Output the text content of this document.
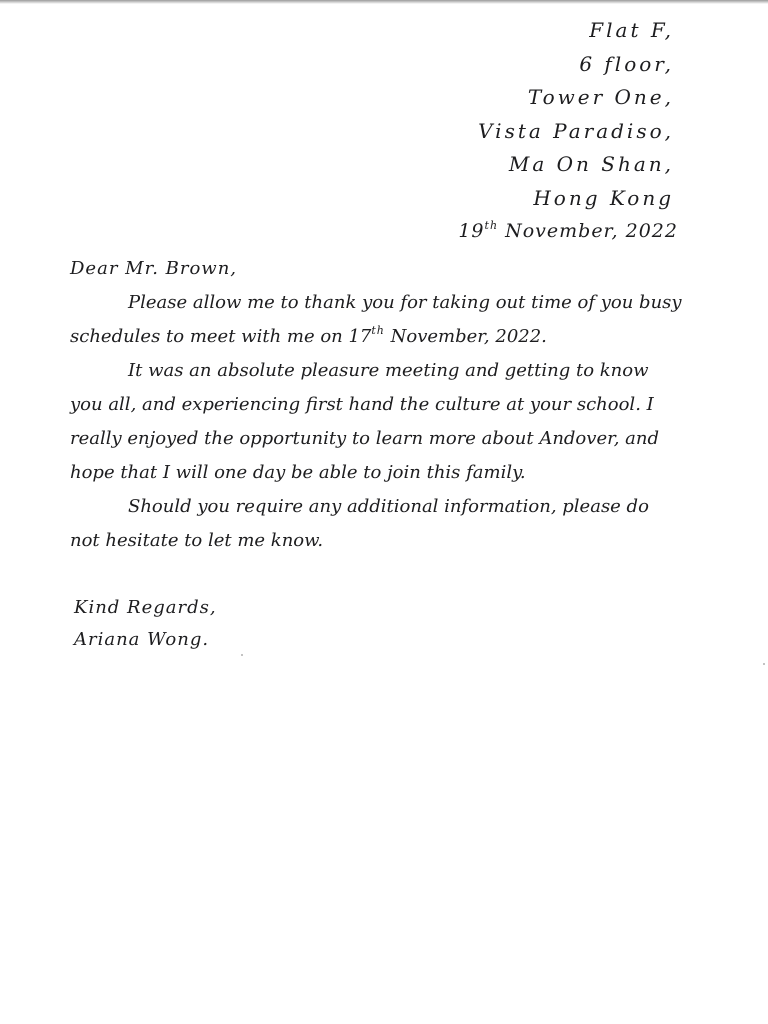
Flat F,
6 floor,
Tower One,
Vista Paradiso,
Ma On Shan,
Hong Kong
19th November, 2022
Dear Mr. Brown,
Please allow me to thank you for taking out time of you busy
schedules to meet with me on 17th November, 2022.
It was an absolute pleasure meeting and getting to know
you all, and experiencing first hand the culture at your school. I
really enjoyed the opportunity to learn more about Andover, and
hope that I will one day be able to join this family.
Should you require any additional information, please do
not hesitate to let me know.
Kind Regards,
Ariana Wong.
